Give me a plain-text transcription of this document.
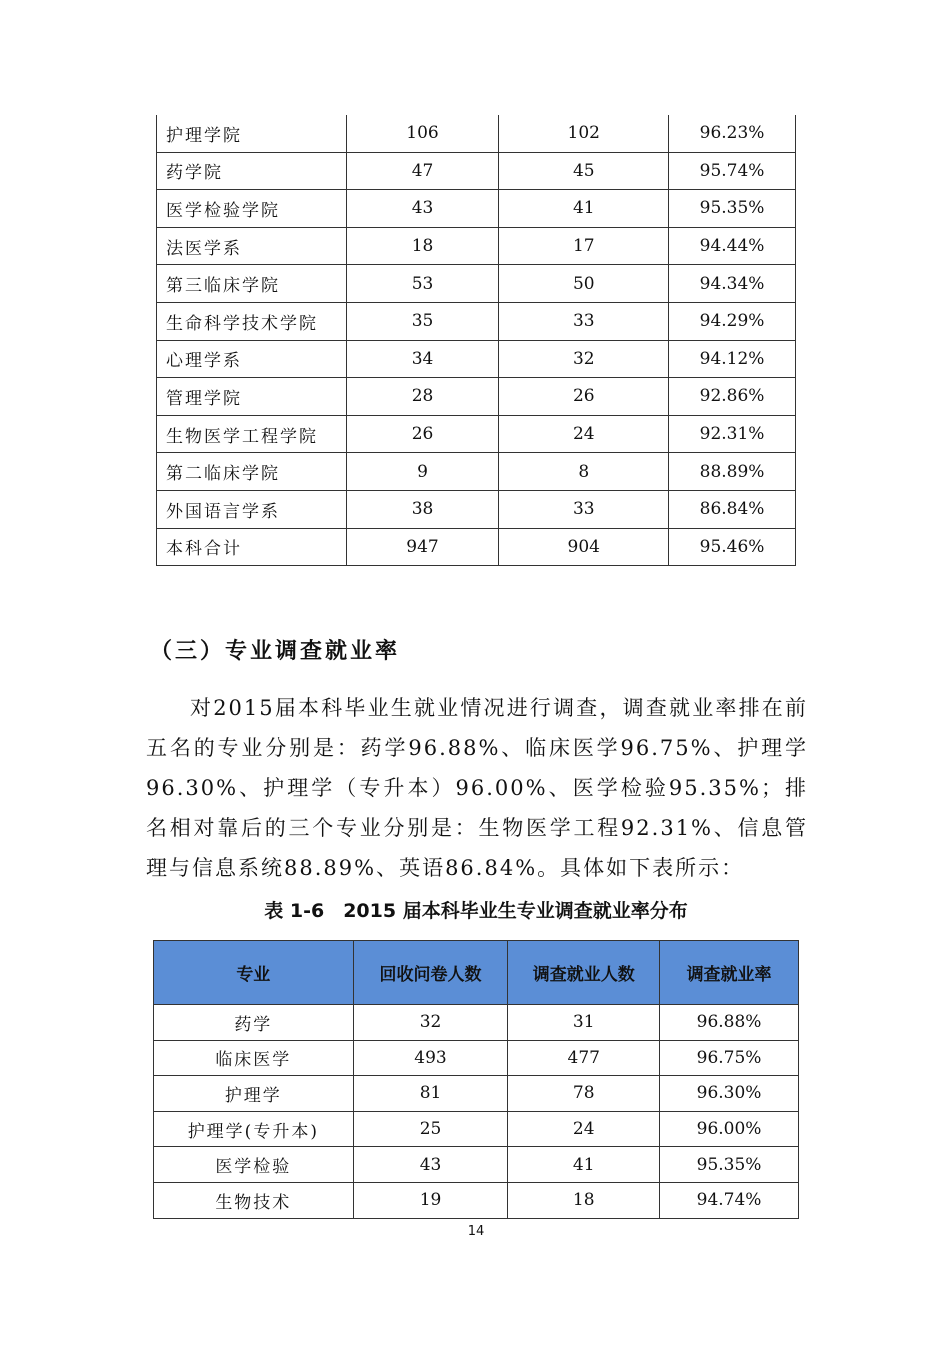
护理学院	106	102	96.23%
药学院	47	45	95.74%
医学检验学院	43	41	95.35%
法医学系	18	17	94.44%
第三临床学院	53	50	94.34%
生命科学技术学院	35	33	94.29%
心理学系	34	32	94.12%
管理学院	28	26	92.86%
生物医学工程学院	26	24	92.31%
第二临床学院	9	8	88.89%
外国语言学系	38	33	86.84%
本科合计	947	904	95.46%
（三）专业调查就业率

对2015届本科毕业生就业情况进行调查，调查就业率排在前五名的专业分别是：药学96.88%、临床医学96.75%、护理学96.30%、护理学（专升本）96.00%、医学检验95.35%；排名相对靠后的三个专业分别是：生物医学工程92.31%、信息管理与信息系统88.89%、英语86.84%。具体如下表所示：

表 1-6　2015 届本科毕业生专业调查就业率分布
专业	回收问卷人数	调查就业人数	调查就业率
药学	32	31	96.88%
临床医学	493	477	96.75%
护理学	81	78	96.30%
护理学(专升本)	25	24	96.00%
医学检验	43	41	95.35%
生物技术	19	18	94.74%
14
